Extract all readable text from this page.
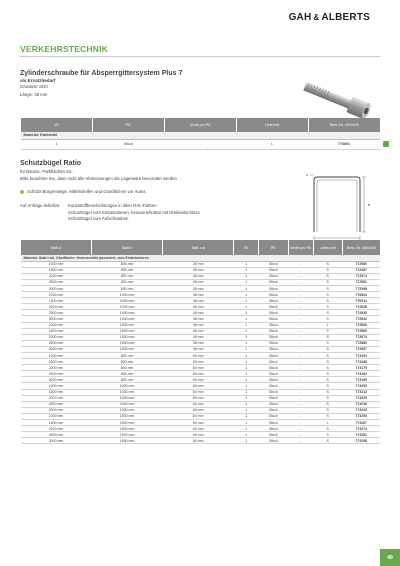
GAH & ALBERTS
VERKEHRSTECHNIK
Zylinderschraube für Absperrgittersystem Plus 7
als Ersatzbedarf
Gewinde: M10
Länge: 35 mm
VE	PE	Inhalt pro PE	Lieferzeit	Best.-Nr. 4004335
Material: Edelstahl				
1	Stück	-	L	774691
Schutzbügel Ratio
für Bäume, Parkflächen etc.
Bitte beachten Sie, dass nicht alle Abmessungen als Lagerware bevorratet werden
Schützt Bürgersteige, Mittelstreifen und Grasflächen vor Autos
Auf Anfrage lieferbar:	Kunststoffbeschichtungen in allen RAL-Farben
Schutzbügel zum Einbetonieren, herausnehmbar mit Dreikantschloss
Schutzbügel zum Aufschrauben
b
c
Maß a	Maß b	Maß c ø	VE	PE	Inhalt pro PE	Liefer-zeit	Best.-Nr. 4004335
Material: Stahl roh, Oberfläche: feuerverzinkt passiviert, zum Einbetonieren							
1000 mm	800 mm	48 mm	1	Stück	-	S	772560
1500 mm	800 mm	48 mm	1	Stück	-	S	772567
2000 mm	800 mm	48 mm	1	Stück	-	S	772574
2500 mm	800 mm	48 mm	1	Stück	-	S	772581
3000 mm	800 mm	48 mm	1	Stück	-	S	772598
1000 mm	1000 mm	48 mm	1	Stück	-	S	770804
1500 mm	1000 mm	48 mm	1	Stück	-	S	770811
2000 mm	1000 mm	48 mm	1	Stück	-	S	772828
2500 mm	1000 mm	48 mm	1	Stück	-	S	772835
3000 mm	1000 mm	48 mm	1	Stück	-	S	772842
1000 mm	1500 mm	48 mm	1	Stück	-	L	772859
1500 mm	1500 mm	48 mm	1	Stück	-	S	772866
2000 mm	1500 mm	48 mm	1	Stück	-	S	772873
2500 mm	1500 mm	48 mm	1	Stück	-	S	772880
3000 mm	1500 mm	48 mm	1	Stück	-	S	772897
1000 mm	800 mm	60 mm	1	Stück	-	S	773151
1500 mm	800 mm	60 mm	1	Stück	-	S	773168
2000 mm	800 mm	60 mm	1	Stück	-	S	773175
2500 mm	800 mm	60 mm	1	Stück	-	S	773182
3000 mm	800 mm	60 mm	1	Stück	-	S	773199
1000 mm	1000 mm	60 mm	1	Stück	-	S	773205
1500 mm	1000 mm	60 mm	1	Stück	-	S	773212
2000 mm	1000 mm	60 mm	1	Stück	-	S	773229
2500 mm	1000 mm	60 mm	1	Stück	-	S	773236
3000 mm	1000 mm	60 mm	1	Stück	-	S	773243
1000 mm	1500 mm	60 mm	1	Stück	-	S	773250
1500 mm	1500 mm	60 mm	1	Stück	-	L	773267
2000 mm	1500 mm	60 mm	1	Stück	-	S	773274
2500 mm	1500 mm	60 mm	1	Stück	-	S	773281
3000 mm	1500 mm	60 mm	1	Stück	-	S	773298
49
